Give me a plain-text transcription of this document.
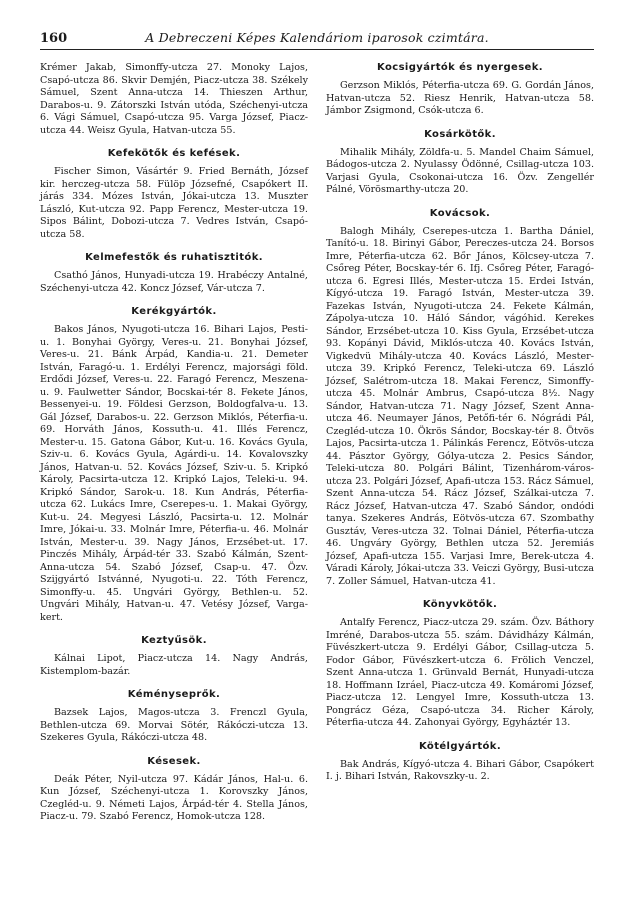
160	A Debreczeni Képes Kalendáriom iparosok czimtára.

Krémer Jakab, Simonffy-utcza 27. Monoky Lajos, Csapó-utcza 86. Skvir Demjén, Piacz-utcza 38. Székely Sámuel, Szent Anna-utcza 14. Thieszen Arthur, Darabos-u. 9. Zátorszki István utóda, Széchenyi-utcza 6. Vági Sámuel, Csapó-utcza 95. Varga József, Piacz-utcza 44. Weisz Gyula, Hatvan-utcza 55.

Kefekötők és kefések.

Fischer Simon, Vásártér 9. Fried Bernáth, József kir. herczeg-utcza 58. Fülöp Józsefné, Csapókert II. járás 334. Mózes István, Jókai-utcza 13. Muszter László, Kut-utcza 92. Papp Ferencz, Mester-utcza 19. Sipos Bálint, Dobozi-utcza 7. Vedres István, Csapó-utcza 58.

Kelmefestők és ruhatisztitók.

Csathó János, Hunyadi-utcza 19. Hrabéczy Antalné, Széchenyi-utcza 42. Koncz József, Vár-utcza 7.

Kerékgyártók.

Bakos János, Nyugoti-utcza 16. Bihari Lajos, Pesti-u. 1. Bonyhai György, Veres-u. 21. Bonyhai József, Veres-u. 21. Bánk Árpád, Kandia-u. 21. Demeter István, Faragó-u. 1. Erdélyi Ferencz, majorsági föld. Erdődi József, Veres-u. 22. Faragó Ferencz, Meszena-u. 9. Faulwetter Sándor, Bocskai-tér 8. Fekete János, Bessenyei-u. 19. Földesi Gerzson, Boldogfalva-u. 13. Gál József, Darabos-u. 22. Gerzson Miklós, Péterfia-u. 69. Horváth János, Kossuth-u. 41. Illés Ferencz, Mester-u. 15. Gatona Gábor, Kut-u. 16. Kovács Gyula, Sziv-u. 6. Kovács Gyula, Agárdi-u. 14. Kovalovszky János, Hatvan-u. 52. Kovács József, Sziv-u. 5. Kripkó Károly, Pacsirta-utcza 12. Kripkó Lajos, Teleki-u. 94. Kripkó Sándor, Sarok-u. 18. Kun András, Péterfia-utcza 62. Lukács Imre, Cserepes-u. 1. Makai György, Kut-u. 24. Megyesi László, Pacsirta-u. 12. Molnár Imre, Jókai-u. 33. Molnár Imre, Péterfia-u. 46. Molnár István, Mester-u. 39. Nagy János, Erzsébet-ut. 17. Pinczés Mihály, Árpád-tér 33. Szabó Kálmán, Szent-Anna-utcza 54. Szabó József, Csap-u. 47. Özv. Szijgyártó Istvánné, Nyugoti-u. 22. Tóth Ferencz, Simonffy-u. 45. Ungvári György, Bethlen-u. 52. Ungvári Mihály, Hatvan-u. 47. Vetésy József, Varga-kert.

Keztyűsök.

Kálnai Lipot, Piacz-utcza 14. Nagy András, Kistemplom-bazár.

Kéményseprők.

Bazsek Lajos, Magos-utcza 3. Frenczl Gyula, Bethlen-utcza 69. Morvai Sötér, Rákóczi-utcza 13. Szekeres Gyula, Rákóczi-utcza 48.

Késesek.

Deák Péter, Nyil-utcza 97. Kádár János, Hal-u. 6. Kun József, Széchenyi-utcza 1. Korovszky János, Czegléd-u. 9. Németi Lajos, Árpád-tér 4. Stella János, Piacz-u. 79. Szabó Ferencz, Homok-utcza 128.

Kocsigyártók és nyergesek.

Gerzson Miklós, Péterfia-utcza 69. G. Gordán János, Hatvan-utcza 52. Riesz Henrik, Hatvan-utcza 58. Jámbor Zsigmond, Csók-utcza 6.

Kosárkötők.

Mihalik Mihály, Zöldfa-u. 5. Mandel Chaim Sámuel, Bádogos-utcza 2. Nyulassy Ödönné, Csillag-utcza 103. Varjasi Gyula, Csokonai-utcza 16. Özv. Zengellér Pálné, Vörösmarthy-utcza 20.

Kovácsok.

Balogh Mihály, Cserepes-utcza 1. Bartha Dániel, Tanító-u. 18. Birinyi Gábor, Pereczes-utcza 24. Borsos Imre, Péterfia-utcza 62. Bőr János, Kölcsey-utcza 7. Csőreg Péter, Bocskay-tér 6. Ifj. Csőreg Péter, Faragó-utcza 6. Egresi Illés, Mester-utcza 15. Erdei István, Kígyó-utcza 19. Faragó István, Mester-utcza 39. Fazekas István, Nyugoti-utcza 24. Fekete Kálmán, Zápolya-utcza 10. Háló Sándor, vágóhid. Kerekes Sándor, Erzsébet-utcza 10. Kiss Gyula, Erzsébet-utcza 93. Kopányi Dávid, Miklós-utcza 40. Kovács István, Vigkedvü Mihály-utcza 40. Kovács László, Mester-utcza 39. Kripkó Ferencz, Teleki-utcza 69. László József, Salétrom-utcza 18. Makai Ferencz, Simonffy-utcza 45. Molnár Ambrus, Csapó-utcza 8½. Nagy Sándor, Hatvan-utcza 71. Nagy József, Szent Anna-utcza 46. Neumayer János, Petőfi-tér 6. Nógrádi Pál, Czegléd-utcza 10. Ökrös Sándor, Bocskay-tér 8. Ötvös Lajos, Pacsirta-utcza 1. Pálinkás Ferencz, Eötvös-utcza 44. Pásztor György, Gólya-utcza 2. Pesics Sándor, Teleki-utcza 80. Polgári Bálint, Tizenhárom-város-utcza 23. Polgári József, Apafi-utcza 153. Rácz Sámuel, Szent Anna-utcza 54. Rácz József, Szálkai-utcza 7. Rácz József, Hatvan-utcza 47. Szabó Sándor, ondódi tanya. Szekeres András, Eötvös-utcza 67. Szombathy Gusztáv, Veres-utcza 32. Tolnai Dániel, Péterfia-utcza 46. Ungváry György, Bethlen utcza 52. Jeremiás József, Apafi-utcza 155. Varjasi Imre, Berek-utcza 4. Váradi Károly, Jókai-utcza 33. Veiczi György, Busi-utcza 7. Zoller Sámuel, Hatvan-utcza 41.

Könyvkötők.

Antalfy Ferencz, Piacz-utcza 29. szám. Özv. Báthory Imréné, Darabos-utcza 55. szám. Dávidházy Kálmán, Füvészkert-utcza 9. Erdélyi Gábor, Csillag-utcza 5. Fodor Gábor, Füvészkert-utcza 6. Frölich Venczel, Szent Anna-utcza 1. Grünvald Bernát, Hunyadi-utcza 18. Hoffmann Izráel, Piacz-utcza 49. Komáromi József, Piacz-utcza 12. Lengyel Imre, Kossuth-utcza 13. Pongrácz Géza, Csapó-utcza 34. Richer Károly, Péterfia-utcza 44. Zahonyai György, Egyháztér 13.

Kötélgyártók.

Bak András, Kígyó-utcza 4. Bihari Gábor, Csapókert I. j. Bihari István, Rakovszky-u. 2.
